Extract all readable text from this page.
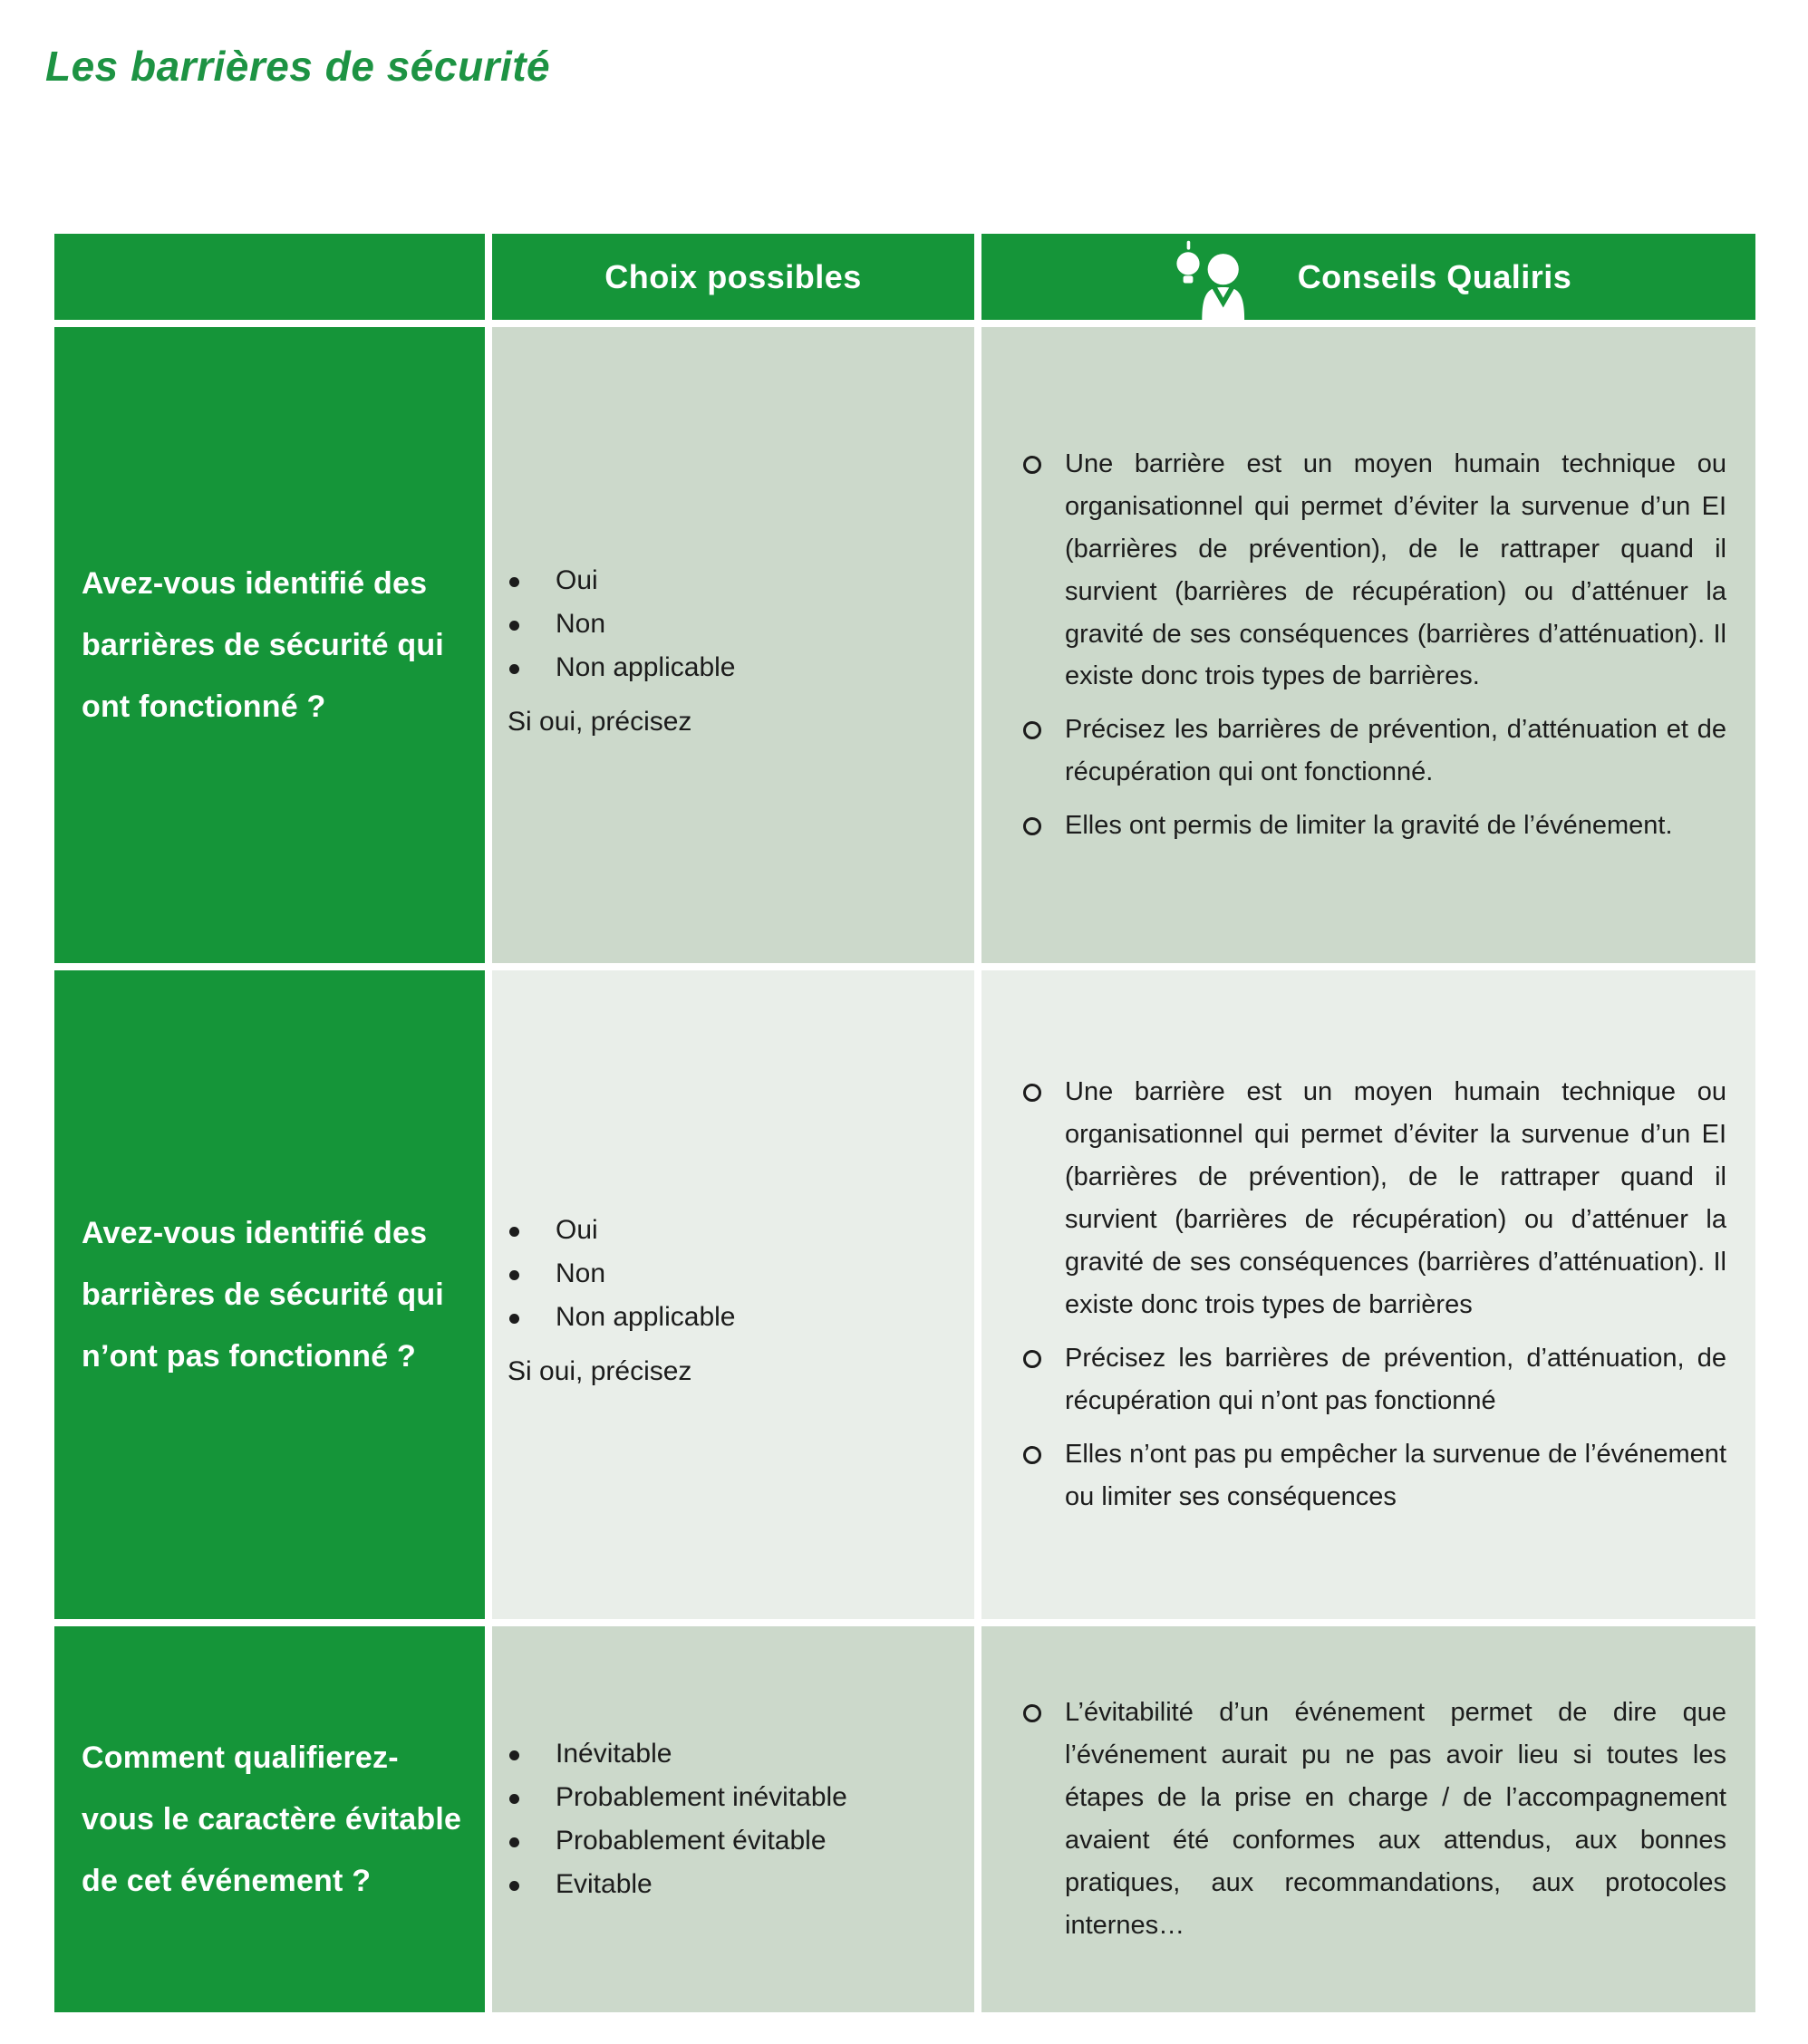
Les barrières de sécurité
Choix possibles	Conseils Qualiris
Avez-vous identifié des barrières de sécurité qui ont fonctionné ?
Oui
Non
Non applicable
Si oui, précisez
Une barrière est un moyen humain technique ou organisationnel qui permet d’éviter la survenue d’un EI (barrières de prévention), de le rattraper quand il survient (barrières de récupération) ou d’atténuer la gravité de ses conséquences (barrières d’atténuation). Il existe donc trois types de barrières.
Précisez les barrières de prévention, d’atténuation et de récupération qui ont fonctionné.
Elles ont permis de limiter la gravité de l’événement.
Avez-vous identifié des barrières de sécurité qui n’ont pas fonctionné ?
Oui
Non
Non applicable
Si oui, précisez
Une barrière est un moyen humain technique ou organisationnel qui permet d’éviter la survenue d’un EI (barrières de prévention), de le rattraper quand il survient (barrières de récupération) ou d’atténuer la gravité de ses conséquences (barrières d’atténuation). Il existe donc trois types de barrières
Précisez les barrières de prévention, d’atténuation, de récupération qui n’ont pas fonctionné
Elles n’ont pas pu empêcher la survenue de l’événement ou limiter ses conséquences
Comment qualifierez-vous le caractère évitable de cet événement ?
Inévitable
Probablement inévitable
Probablement évitable
Evitable
L’évitabilité d’un événement permet de dire que l’événement aurait pu ne pas avoir lieu si toutes les étapes de la prise en charge / de l’accompagnement avaient été conformes aux attendus, aux bonnes pratiques, aux recommandations, aux protocoles internes…
